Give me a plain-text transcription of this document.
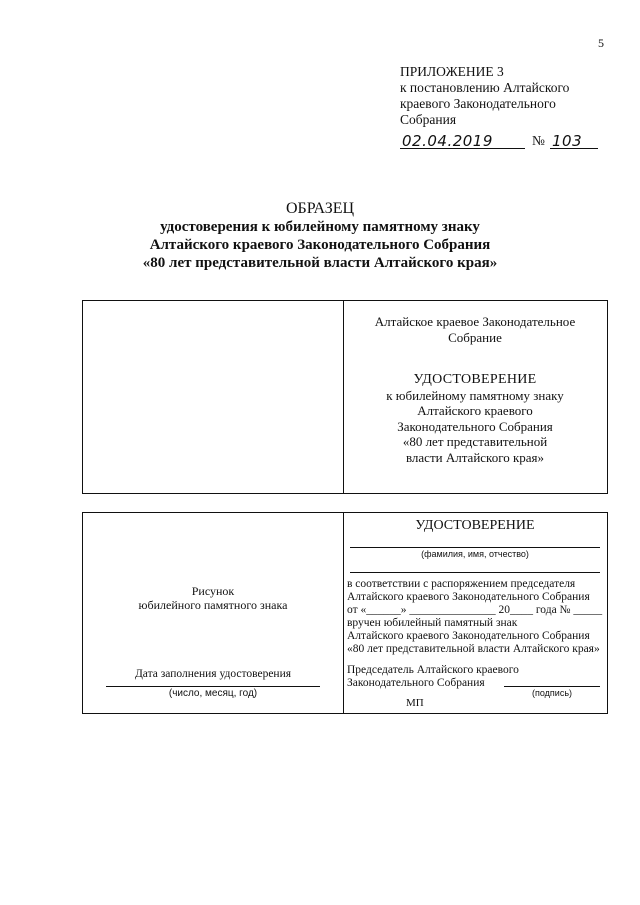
5
ПРИЛОЖЕНИЕ 3
к постановлению Алтайского
краевого Законодательного
Собрания
02.04.2019	№ 103
ОБРАЗЕЦ
удостоверения к юбилейному памятному знаку
Алтайского краевого Законодательного Собрания
«80 лет представительной власти Алтайского края»
Алтайское краевое Законодательное
Собрание
УДОСТОВЕРЕНИЕ
к юбилейному памятному знаку
Алтайского краевого
Законодательного Собрания
«80 лет представительной
власти Алтайского края»
Рисунок
юбилейного памятного знака
Дата заполнения удостоверения
(число, месяц, год)
УДОСТОВЕРЕНИЕ
(фамилия, имя, отчество)
в соответствии с распоряжением председателя
Алтайского краевого Законодательного Собрания
от «______» _______________ 20____ года № _____
вручен юбилейный памятный знак
Алтайского краевого Законодательного Собрания
«80 лет представительной власти Алтайского края»
Председатель Алтайского краевого
Законодательного Собрания
(подпись)
МП
